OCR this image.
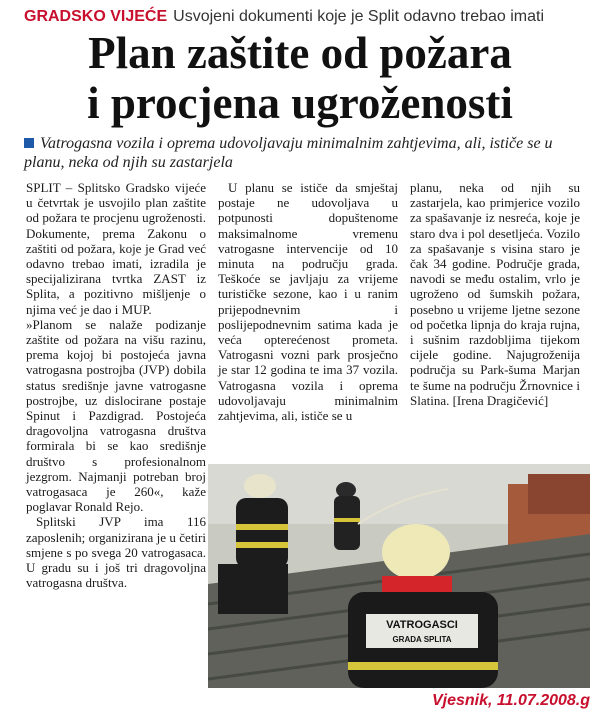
GRADSKO VIJEĆE Usvojeni dokumenti koje je Split odavno trebao imati
Plan zaštite od požara
i procjena ugroženosti
Vatrogasna vozila i oprema udovoljavaju minimalnim zahtjevima, ali, ističe se u planu, neka od njih su zastarjela

SPLIT – Splitsko Gradsko vijeće u četvrtak je usvojilo plan zaštite od požara te procjenu ugroženosti. Dokumente, prema Zakonu o zaštiti od požara, koje je Grad već odavno trebao imati, izradila je specijalizirana tvrtka ZAST iz Splita, a pozitivno mišljenje o njima već je dao i MUP.

»Planom se nalaže podizanje zaštite od požara na višu razinu, prema kojoj bi postojeća javna vatrogasna postrojba (JVP) dobila status središnje javne vatrogasne postrojbe, uz dislocirane postaje Spinut i Pazdigrad. Postojeća dragovoljna vatrogasna društva formirala bi se kao središnje društvo s profesionalnom jezgrom. Najmanji potreban broj vatrogasaca je 260«, kaže poglavar Ronald Rejo.

Splitski JVP ima 116 zaposlenih; organizirana je u četiri smjene s po svega 20 vatrogasaca. U gradu su i još tri dragovoljna vatrogasna društva.

U planu se ističe da smještaj postaje ne udovoljava u potpunosti dopuštenome maksimalnome vremenu vatrogasne intervencije od 10 minuta na području grada. Teškoće se javljaju za vrijeme turističke sezone, kao i u ranim prijepodnevnim i poslijepodnevnim satima kada je veća opterećenost prometa. Vatrogasni vozni park prosječno je star 12 godina te ima 37 vozila. Vatrogasna vozila i oprema udovoljavaju minimalnim zahtjevima, ali, ističe se u

planu, neka od njih su zastarjela, kao primjerice vozilo za spašavanje iz nesreća, koje je staro dva i pol desetljeća. Vozilo za spašavanje s visina staro je čak 34 godine. Područje grada, navodi se među ostalim, vrlo je ugroženo od šumskih požara, posebno u vrijeme ljetne sezone od početka lipnja do kraja rujna, i sušnim razdobljima tijekom cijele godine. Najugroženija područja su Park-šuma Marjan te šume na području Žrnovnice i Slatina. [Irena Dragičević]

VATROGASCI
GRADA SPLITA
Vjesnik, 11.07.2008.g
